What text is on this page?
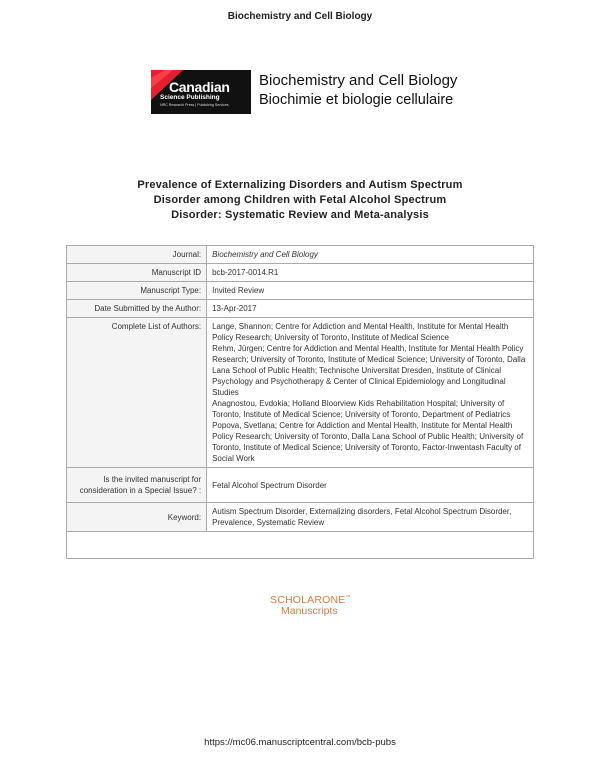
Biochemistry and Cell Biology
Canadian
Science Publishing
NRC Research Press | Publishing Services
Biochemistry and Cell Biology
Biochimie et biologie cellulaire
Prevalence of Externalizing Disorders and Autism Spectrum
Disorder among Children with Fetal Alcohol Spectrum
Disorder: Systematic Review and Meta-analysis
Journal:	Biochemistry and Cell Biology
Manuscript ID	bcb-2017-0014.R1
Manuscript Type:	Invited Review
Date Submitted by the Author:	13-Apr-2017
Complete List of Authors:	Lange, Shannon; Centre for Addiction and Mental Health, Institute for Mental Health Policy Research; University of Toronto, Institute of Medical Science
Rehm, Jürgen; Centre for Addiction and Mental Health, Institute for Mental Health Policy Research; University of Toronto, Institute of Medical Science; University of Toronto, Dalla Lana School of Public Health; Technische Universitat Dresden, Institute of Clinical Psychology and Psychotherapy & Center of Clinical Epidemiology and Longitudinal Studies
Anagnostou, Evdokia; Holland Bloorview Kids Rehabilitation Hospital; University of Toronto, Institute of Medical Science; University of Toronto, Department of Pediatrics
Popova, Svetlana; Centre for Addiction and Mental Health, Institute for Mental Health Policy Research; University of Toronto, Dalla Lana School of Public Health; University of Toronto, Institute of Medical Science; University of Toronto, Factor-Inwentash Faculty of Social Work

Is the invited manuscript for consideration in a Special Issue? :	Fetal Alcohol Spectrum Disorder
Keyword:	Autism Spectrum Disorder, Externalizing disorders, Fetal Alcohol Spectrum Disorder, Prevalence, Systematic Review

SCHOLARONE™
Manuscripts
https://mc06.manuscriptcentral.com/bcb-pubs
